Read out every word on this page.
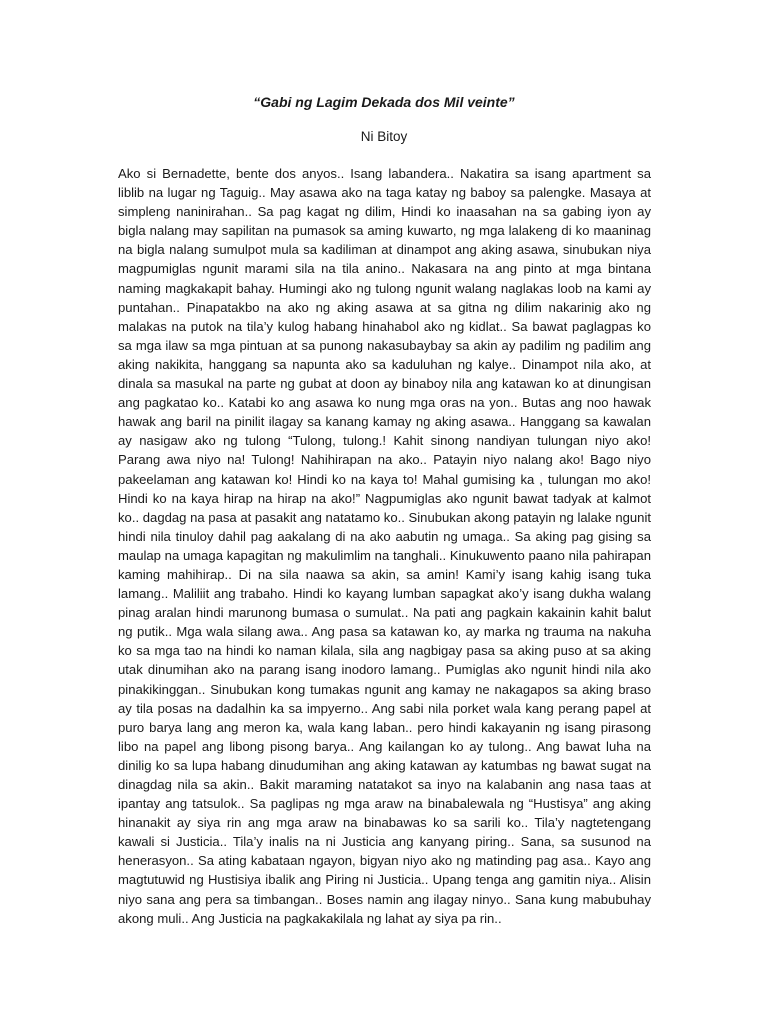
“Gabi ng Lagim Dekada dos Mil veinte”
Ni Bitoy

Ako si Bernadette, bente dos anyos.. Isang labandera.. Nakatira sa isang apartment sa liblib na lugar ng Taguig.. May asawa ako na taga katay ng baboy sa palengke. Masaya at simpleng naninirahan.. Sa pag kagat ng dilim, Hindi ko inaasahan na sa gabing iyon ay bigla nalang may sapilitan na pumasok sa aming kuwarto, ng mga lalakeng di ko maaninag na bigla nalang sumulpot mula sa kadiliman at dinampot ang aking asawa, sinubukan niya magpumiglas ngunit marami sila na tila anino.. Nakasara na ang pinto at mga bintana naming magkakapit bahay. Humingi ako ng tulong ngunit walang naglakas loob na kami ay puntahan.. Pinapatakbo na ako ng aking asawa at sa gitna ng dilim nakarinig ako ng malakas na putok na tila’y kulog habang hinahabol ako ng kidlat.. Sa bawat paglagpas ko sa mga ilaw sa mga pintuan at sa punong nakasubaybay sa akin ay padilim ng padilim ang aking nakikita, hanggang sa napunta ako sa kaduluhan ng kalye.. Dinampot nila ako, at dinala sa masukal na parte ng gubat at doon ay binaboy nila ang katawan ko at dinungisan ang pagkatao ko.. Katabi ko ang asawa ko nung mga oras na yon.. Butas ang noo hawak hawak ang baril na pinilit ilagay sa kanang kamay ng aking asawa.. Hanggang sa kawalan ay nasigaw ako ng tulong “Tulong, tulong.! Kahit sinong nandiyan tulungan niyo ako! Parang awa niyo na! Tulong! Nahihirapan na ako.. Patayin niyo nalang ako! Bago niyo pakeelaman ang katawan ko! Hindi ko na kaya to! Mahal gumising ka , tulungan mo ako! Hindi ko na kaya hirap na hirap na ako!” Nagpumiglas ako ngunit bawat tadyak at kalmot ko.. dagdag na pasa at pasakit ang natatamo ko.. Sinubukan akong patayin ng lalake ngunit hindi nila tinuloy dahil pag aakalang di na ako aabutin ng umaga.. Sa aking pag gising sa maulap na umaga kapagitan ng makulimlim na tanghali.. Kinukuwento paano nila pahirapan kaming mahihirap.. Di na sila naawa sa akin, sa amin! Kami’y isang kahig isang tuka lamang.. Maliliit ang trabaho. Hindi ko kayang lumban sapagkat ako’y isang dukha walang pinag aralan hindi marunong bumasa o sumulat.. Na pati ang pagkain kakainin kahit balut ng putik.. Mga wala silang awa.. Ang pasa sa katawan ko, ay marka ng trauma na nakuha ko sa mga tao na hindi ko naman kilala, sila ang nagbigay pasa sa aking puso at sa aking utak dinumihan ako na parang isang inodoro lamang.. Pumiglas ako ngunit hindi nila ako pinakikinggan.. Sinubukan kong tumakas ngunit ang kamay ne nakagapos sa aking braso ay tila posas na dadalhin ka sa impyerno.. Ang sabi nila porket wala kang perang papel at puro barya lang ang meron ka, wala kang laban.. pero hindi kakayanin ng isang pirasong libo na papel ang libong pisong barya.. Ang kailangan ko ay tulong.. Ang bawat luha na dinilig ko sa lupa habang dinudumihan ang aking katawan ay katumbas ng bawat sugat na dinagdag nila sa akin.. Bakit maraming natatakot sa inyo na kalabanin ang nasa taas at ipantay ang tatsulok.. Sa paglipas ng mga araw na binabalewala ng “Hustisya” ang aking hinanakit ay siya rin ang mga araw na binabawas ko sa sarili ko.. Tila’y nagtetengang kawali si Justicia.. Tila’y inalis na ni Justicia ang kanyang piring.. Sana, sa susunod na henerasyon.. Sa ating kabataan ngayon, bigyan niyo ako ng matinding pag asa.. Kayo ang magtutuwid ng Hustisiya ibalik ang Piring ni Justicia.. Upang tenga ang gamitin niya.. Alisin niyo sana ang pera sa timbangan.. Boses namin ang ilagay ninyo.. Sana kung mabubuhay akong muli.. Ang Justicia na pagkakakilala ng lahat ay siya pa rin..
